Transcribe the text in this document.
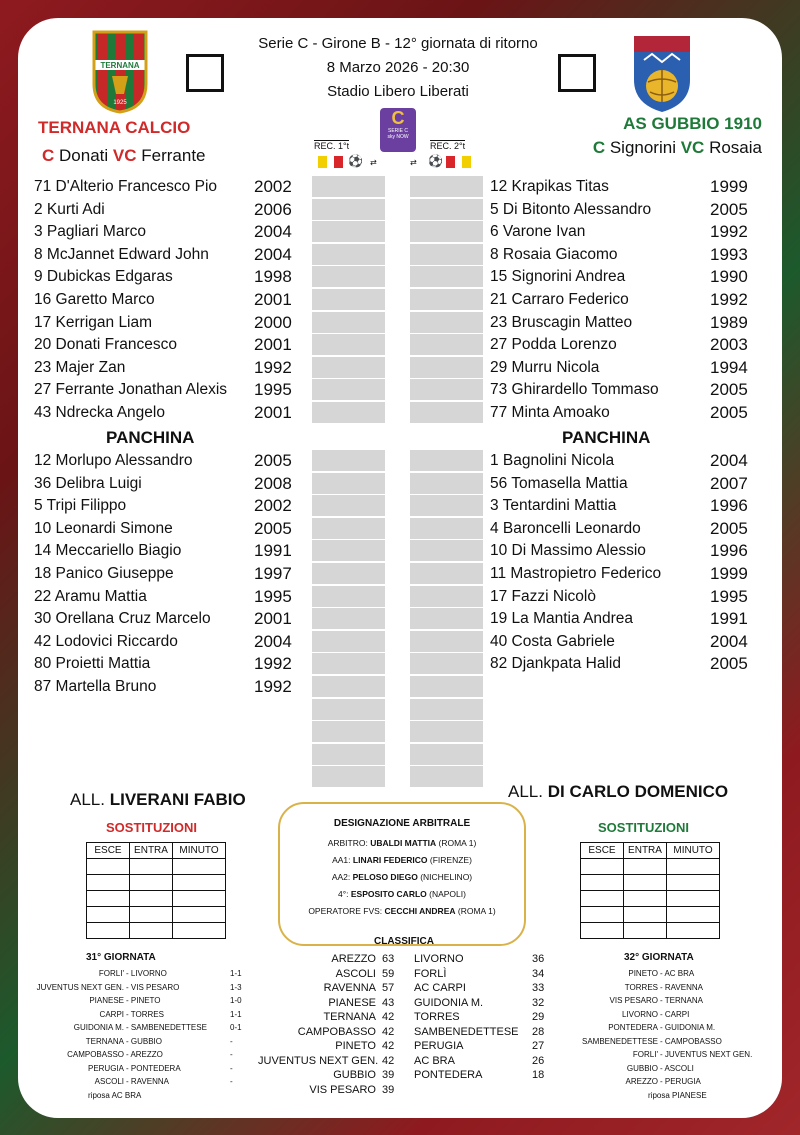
TERNANA
1925
Serie C - Girone B - 12° giornata di ritorno
8 Marzo 2026 - 20:30
Stadio Libero Liberati
TERNANA CALCIO	AS GUBBIO 1910
C Donati VC Ferrante	C Signorini VC Rosaia
C
SERIE C
sky NOW
REC. 1°t	REC. 2°t
⚽ ⇄	⇄ ⚽
71 D'Alterio Francesco Pio 2002
2 Kurti Adi	2006
3 Pagliari Marco	2004
8 McJannet Edward John	2004
9 Dubickas Edgaras	1998
16 Garetto Marco	2001
17 Kerrigan Liam	2000
20 Donati Francesco	2001
23 Majer Zan	1992
27 Ferrante Jonathan Alexis 1995
43 Ndrecka Angelo	2001
12 Morlupo Alessandro	2005
36 Delibra Luigi	2008
5 Tripi Filippo	2002
10 Leonardi Simone	2005
14 Meccariello Biagio	1991
18 Panico Giuseppe	1997
22 Aramu Mattia	1995
30 Orellana Cruz Marcelo	2001
42 Lodovici Riccardo	2004
80 Proietti Mattia	1992
87 Martella Bruno	1992
12 Krapikas Titas	1999
5 Di Bitonto Alessandro	2005
6 Varone Ivan	1992
8 Rosaia Giacomo	1993
15 Signorini Andrea	1990
21 Carraro Federico	1992
23 Bruscagin Matteo	1989
27 Podda Lorenzo	2003
29 Murru Nicola	1994
73 Ghirardello Tommaso	2005
77 Minta Amoako	2005
1 Bagnolini Nicola	2004
56 Tomasella Mattia	2007
3 Tentardini Mattia	1996
4 Baroncelli Leonardo	2005
10 Di Massimo Alessio	1996
11 Mastropietro Federico	1999
17 Fazzi Nicolò	1995
19 La Mantia Andrea	1991
40 Costa Gabriele	2004
82 Djankpata Halid	2005
PANCHINA	PANCHINA
ALL. LIVERANI FABIO	ALL. DI CARLO DOMENICO
SOSTITUZIONI	SOSTITUZIONI
ESCE	ENTRA	MINUTO

			ESCE	ENTRA	MINUTO

DESIGNAZIONE ARBITRALE
ARBITRO: UBALDI MATTIA (ROMA 1)
AA1: LINARI FEDERICO (FIRENZE)
AA2: PELOSO DIEGO (NICHELINO)
4°: ESPOSITO CARLO (NAPOLI)
OPERATORE FVS: CECCHI ANDREA (ROMA 1)
31° GIORNATA	32° GIORNATA
CLASSIFICA
FORLI' - LIVORNO	1-1
JUVENTUS NEXT GEN. - VIS PESARO	1-3
PIANESE - PINETO	1-0
CARPI - TORRES	1-1
GUIDONIA M. - SAMBENEDETTESE	0-1
TERNANA - GUBBIO	-
CAMPOBASSO - AREZZO	-
PERUGIA - PONTEDERA	-
ASCOLI - RAVENNA	-
riposa AC BRA
PINETO - AC BRA
TORRES - RAVENNA
VIS PESARO - TERNANA
LIVORNO - CARPI
PONTEDERA - GUIDONIA M.
SAMBENEDETTESE - CAMPOBASSO
FORLI' - JUVENTUS NEXT GEN.
GUBBIO - ASCOLI
AREZZO - PERUGIA
riposa PIANESE
AREZZO 63
ASCOLI 59
RAVENNA 57
PIANESE 43
TERNANA 42
CAMPOBASSO 42
PINETO 42
JUVENTUS NEXT GEN. 42
GUBBIO 39
VIS PESARO 39
LIVORNO	36
FORLÌ	34
AC CARPI	33
GUIDONIA M.	32
TORRES	29
SAMBENEDETTESE 28
PERUGIA	27
AC BRA	26
PONTEDERA	18
